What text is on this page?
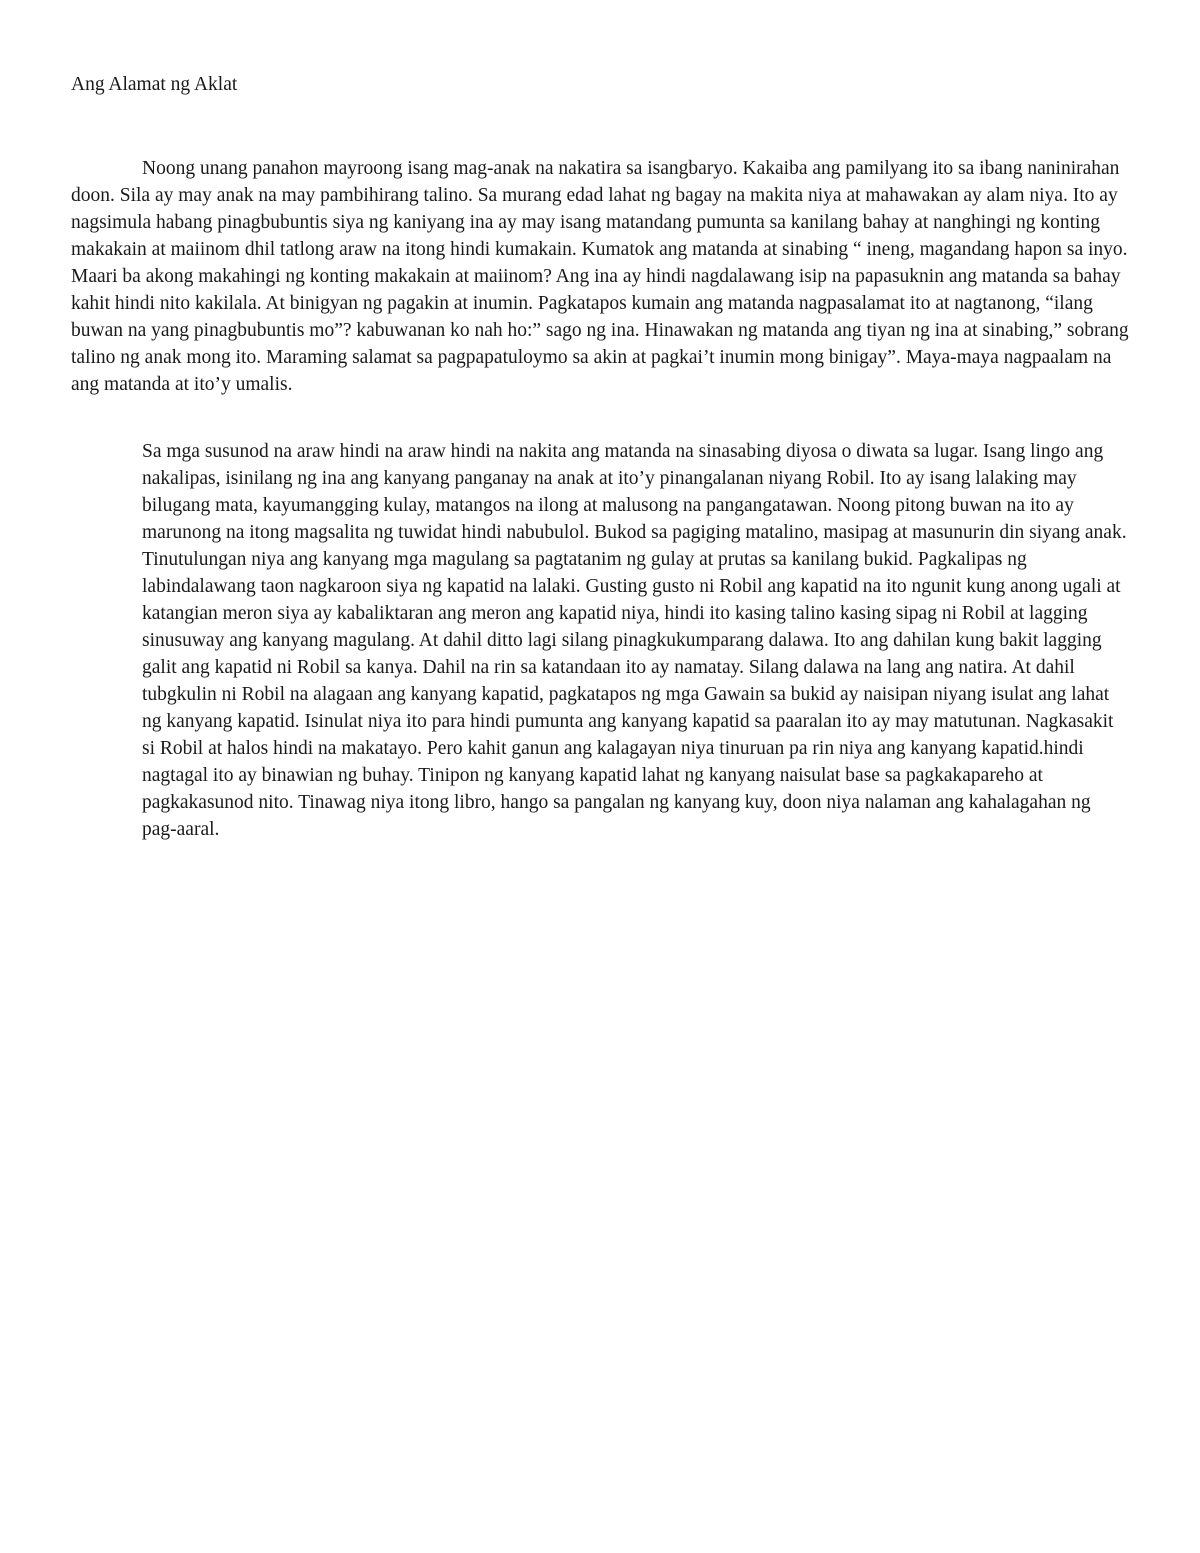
Ang Alamat ng Aklat

Noong unang panahon mayroong isang mag-anak na nakatira sa isangbaryo. Kakaiba ang pamilyang ito sa ibang naninirahan doon. Sila ay may anak na may pambihirang talino. Sa murang edad lahat ng bagay na makita niya at mahawakan ay alam niya. Ito ay nagsimula habang pinagbubuntis siya ng kaniyang ina ay may isang matandang pumunta sa kanilang bahay at nanghingi ng konting makakain at maiinom dhil tatlong araw na itong hindi kumakain. Kumatok ang matanda at sinabing “ ineng, magandang hapon sa inyo. Maari ba akong makahingi ng konting makakain at maiinom? Ang ina ay hindi nagdalawang isip na papasuknin ang matanda sa bahay kahit hindi nito kakilala. At binigyan ng pagakin at inumin. Pagkatapos kumain ang matanda nagpasalamat ito at nagtanong, “ilang buwan na yang pinagbubuntis mo”? kabuwanan ko nah ho:” sago ng ina. Hinawakan ng matanda ang tiyan ng ina at sinabing,” sobrang talino ng anak mong ito. Maraming salamat sa pagpapatuloymo sa akin at pagkai’t inumin mong binigay”. Maya-maya nagpaalam na ang matanda at ito’y umalis.

Sa mga susunod na araw hindi na araw hindi na nakita ang matanda na sinasabing diyosa o diwata sa lugar. Isang lingo ang nakalipas, isinilang ng ina ang kanyang panganay na anak at ito’y pinangalanan niyang Robil. Ito ay isang lalaking may bilugang mata, kayumangging kulay, matangos na ilong at malusong na pangangatawan. Noong pitong buwan na ito ay marunong na itong magsalita ng tuwidat hindi nabubulol. Bukod sa pagiging matalino, masipag at masunurin din siyang anak. Tinutulungan niya ang kanyang mga magulang sa pagtatanim ng gulay at prutas sa kanilang bukid. Pagkalipas ng labindalawang taon nagkaroon siya ng kapatid na lalaki. Gusting gusto ni Robil ang kapatid na ito ngunit kung anong ugali at katangian meron siya ay kabaliktaran ang meron ang kapatid niya, hindi ito kasing talino kasing sipag ni Robil at lagging sinusuway ang kanyang magulang. At dahil ditto lagi silang pinagkukumparang dalawa. Ito ang dahilan kung bakit lagging galit ang kapatid ni Robil sa kanya. Dahil na rin sa katandaan ito ay namatay. Silang dalawa na lang ang natira. At dahil tubgkulin ni Robil na alagaan ang kanyang kapatid, pagkatapos ng mga Gawain sa bukid ay naisipan niyang isulat ang lahat ng kanyang kapatid. Isinulat niya ito para hindi pumunta ang kanyang kapatid sa paaralan ito ay may matutunan. Nagkasakit si Robil at halos hindi na makatayo. Pero kahit ganun ang kalagayan niya tinuruan pa rin niya ang kanyang kapatid.hindi nagtagal ito ay binawian ng buhay. Tinipon ng kanyang kapatid lahat ng kanyang naisulat base sa pagkakapareho at pagkakasunod nito. Tinawag niya itong libro, hango sa pangalan ng kanyang kuy, doon niya nalaman ang kahalagahan ng pag-aaral.
